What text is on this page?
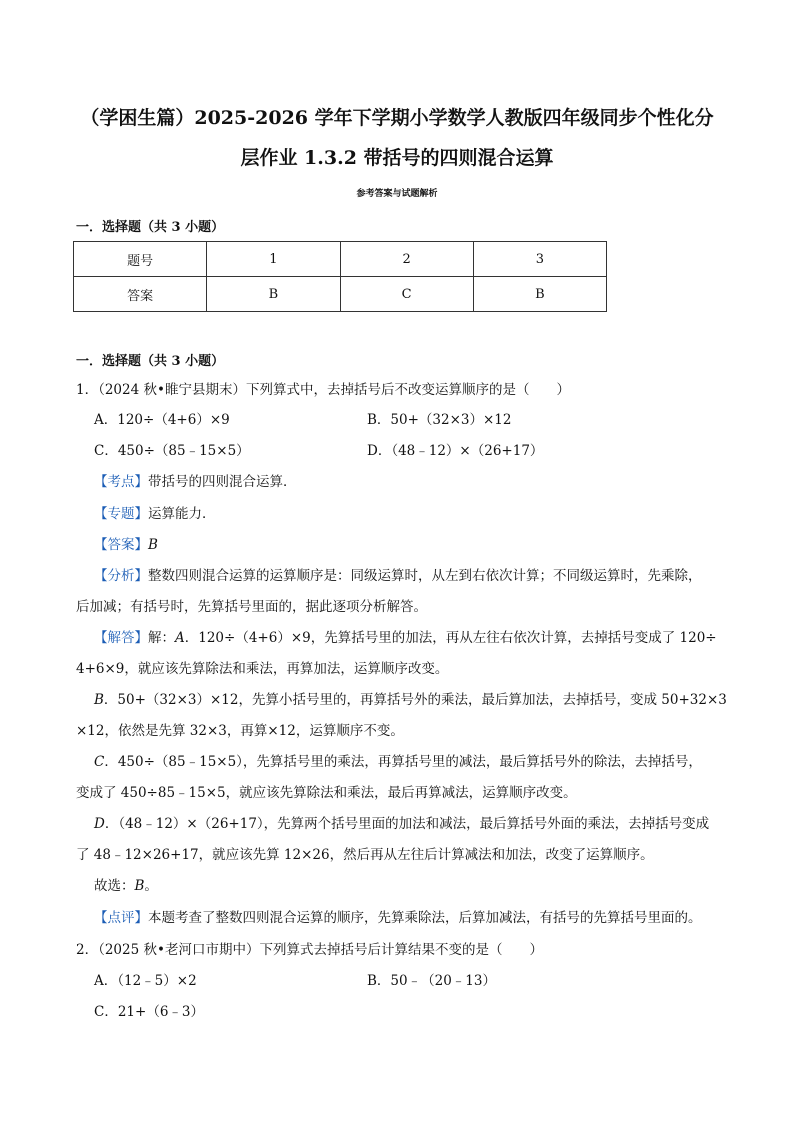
（学困生篇）2025-2026 学年下学期小学数学人教版四年级同步个性化分
层作业 1.3.2 带括号的四则混合运算
参考答案与试题解析
一．选择题（共 3 小题）
题号	1	2	3
答案	B	C	B
一．选择题（共 3 小题）
1．（2024 秋•睢宁县期末）下列算式中，去掉括号后不改变运算顺序的是（　　）
A．120÷（4+6）×9	B．50+（32×3）×12
C．450÷（85﹣15×5）	D．（48﹣12）×（26+17）
【考点】带括号的四则混合运算．
【专题】运算能力．
【答案】B
【分析】整数四则混合运算的运算顺序是：同级运算时，从左到右依次计算；不同级运算时，先乘除，
后加减；有括号时，先算括号里面的，据此逐项分析解答。
【解答】解：A．120÷（4+6）×9，先算括号里的加法，再从左往右依次计算，去掉括号变成了 120÷
4+6×9，就应该先算除法和乘法，再算加法，运算顺序改变。
B．50+（32×3）×12，先算小括号里的，再算括号外的乘法，最后算加法，去掉括号，变成 50+32×3
×12，依然是先算 32×3，再算×12，运算顺序不变。
C．450÷（85﹣15×5），先算括号里的乘法，再算括号里的减法，最后算括号外的除法，去掉括号，
变成了 450÷85﹣15×5，就应该先算除法和乘法，最后再算减法，运算顺序改变。
D．（48﹣12）×（26+17），先算两个括号里面的加法和减法，最后算括号外面的乘法，去掉括号变成
了 48﹣12×26+17，就应该先算 12×26，然后再从左往后计算减法和加法，改变了运算顺序。
故选：B。
【点评】本题考查了整数四则混合运算的顺序，先算乘除法，后算加减法，有括号的先算括号里面的。
2．（2025 秋•老河口市期中）下列算式去掉括号后计算结果不变的是（　　）
A．（12﹣5）×2	B．50﹣（20﹣13）
C．21+（6﹣3）
